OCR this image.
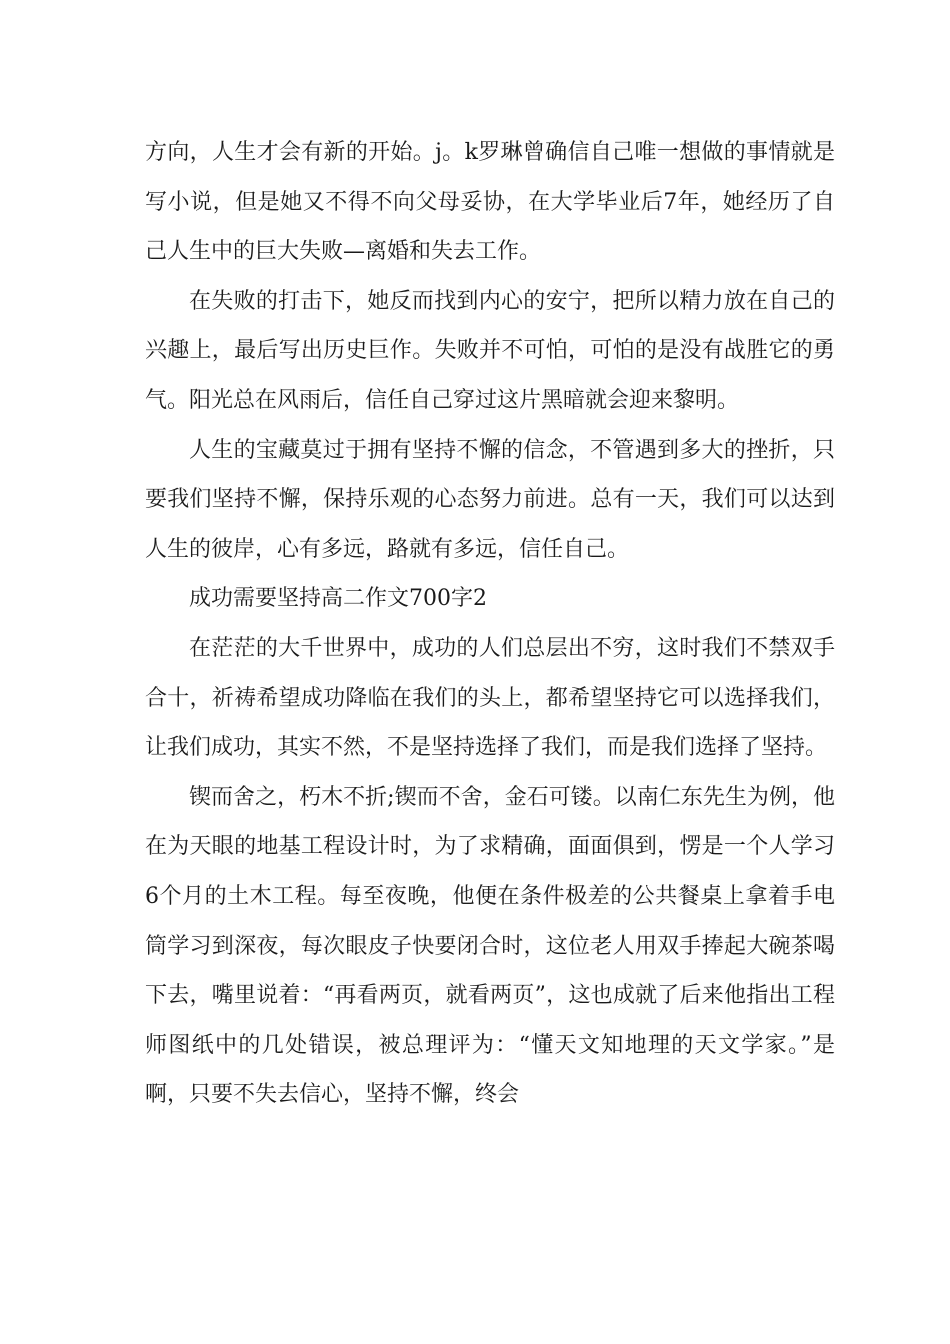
方向，人生才会有新的开始。j。k罗琳曾确信自己唯一想做的事情就是写小说，但是她又不得不向父母妥协，在大学毕业后7年，她经历了自己人生中的巨大失败—离婚和失去工作。

在失败的打击下，她反而找到内心的安宁，把所以精力放在自己的兴趣上，最后写出历史巨作。失败并不可怕，可怕的是没有战胜它的勇气。阳光总在风雨后，信任自己穿过这片黑暗就会迎来黎明。

人生的宝藏莫过于拥有坚持不懈的信念，不管遇到多大的挫折，只要我们坚持不懈，保持乐观的心态努力前进。总有一天，我们可以达到人生的彼岸，心有多远，路就有多远，信任自己。

成功需要坚持高二作文700字2

在茫茫的大千世界中，成功的人们总层出不穷，这时我们不禁双手合十，祈祷希望成功降临在我们的头上，都希望坚持它可以选择我们，让我们成功，其实不然，不是坚持选择了我们，而是我们选择了坚持。

锲而舍之，朽木不折;锲而不舍，金石可镂。以南仁东先生为例，他在为天眼的地基工程设计时，为了求精确，面面俱到，愣是一个人学习6个月的土木工程。每至夜晚，他便在条件极差的公共餐桌上拿着手电筒学习到深夜，每次眼皮子快要闭合时，这位老人用双手捧起大碗茶喝下去，嘴里说着：“再看两页，就看两页”，这也成就了后来他指出工程师图纸中的几处错误，被总理评为：“懂天文知地理的天文学家。”是啊，只要不失去信心，坚持不懈，终会
